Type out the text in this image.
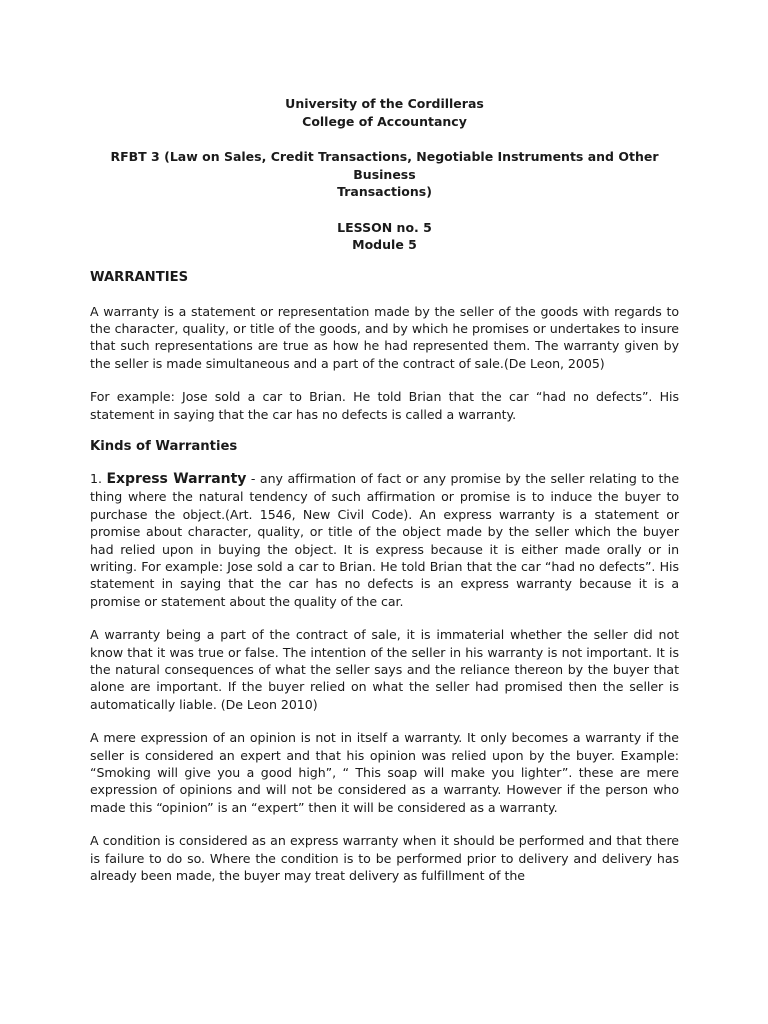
University of the Cordilleras
College of Accountancy
RFBT 3 (Law on Sales, Credit Transactions, Negotiable Instruments and Other Business
Transactions)
LESSON no. 5
Module 5
WARRANTIES

A warranty is a statement or representation made by the seller of the goods with regards to the character, quality, or title of the goods, and by which he promises or undertakes to insure that such representations are true as how he had represented them. The warranty given by the seller is made simultaneous and a part of the contract of sale.(De Leon, 2005)

For example: Jose sold a car to Brian. He told Brian that the car “had no defects”. His statement in saying that the car has no defects is called a warranty.

Kinds of Warranties

1. Express Warranty - any affirmation of fact or any promise by the seller relating to the thing where the natural tendency of such affirmation or promise is to induce the buyer to purchase the object.(Art. 1546, New Civil Code). An express warranty is a statement or promise about character, quality, or title of the object made by the seller which the buyer had relied upon in buying the object. It is express because it is either made orally or in writing. For example: Jose sold a car to Brian. He told Brian that the car “had no defects”. His statement in saying that the car has no defects is an express warranty because it is a promise or statement about the quality of the car.

A warranty being a part of the contract of sale, it is immaterial whether the seller did not know that it was true or false. The intention of the seller in his warranty is not important. It is the natural consequences of what the seller says and the reliance thereon by the buyer that alone are important. If the buyer relied on what the seller had promised then the seller is automatically liable. (De Leon 2010)

A mere expression of an opinion is not in itself a warranty. It only becomes a warranty if the seller is considered an expert and that his opinion was relied upon by the buyer. Example: “Smoking will give you a good high”, “ This soap will make you lighter”. these are mere expression of opinions and will not be considered as a warranty. However if the person who made this “opinion” is an “expert” then it will be considered as a warranty.

A condition is considered as an express warranty when it should be performed and that there is failure to do so. Where the condition is to be performed prior to delivery and delivery has already been made, the buyer may treat delivery as fulfillment of the
